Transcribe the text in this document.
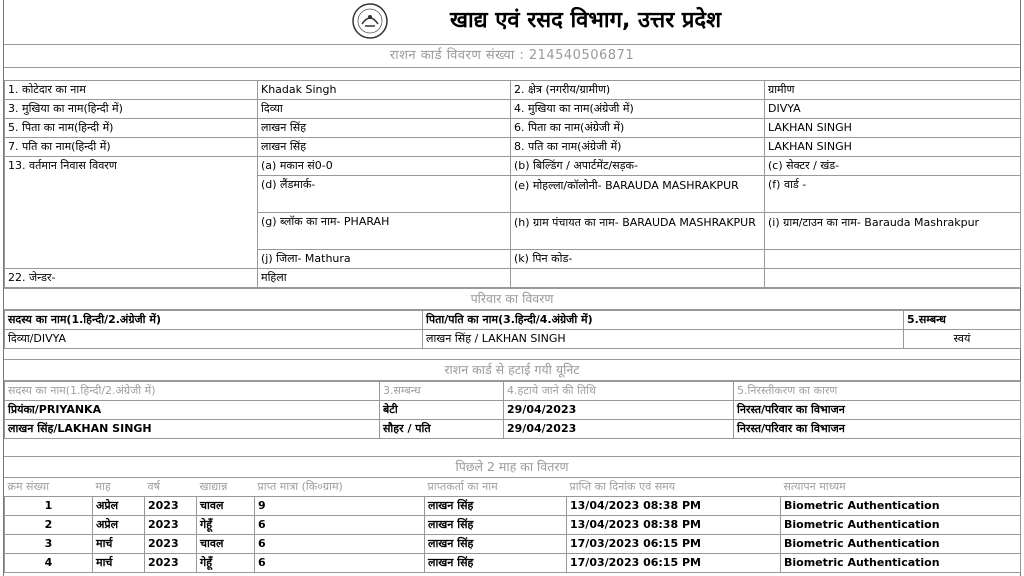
खाद्य एवं रसद विभाग, उत्तर प्रदेश
राशन कार्ड विवरण संख्या : 214540506871
1. कोटेदार का नाम	Khadak Singh	2. क्षेत्र (नगरीय/ग्रामीण)	ग्रामीण
3. मुखिया का नाम(हिन्दी में)	दिव्या	4. मुखिया का नाम(अंग्रेजी में)	DIVYA
5. पिता का नाम(हिन्दी में)	लाखन सिंह	6. पिता का नाम(अंग्रेजी में)	LAKHAN SINGH
7. पति का नाम(हिन्दी में)	लाखन सिंह	8. पति का नाम(अंग्रेजी में)	LAKHAN SINGH
13. वर्तमान निवास विवरण	(a) मकान सं0-0	(b) बिल्डिंग / अपार्टमेंट/सड़क-	(c) सेक्टर / खंड-
	(d) लैंडमार्क-	(e) मोहल्ला/कॉलोनी- BARAUDA MASHRAKPUR	(f) वार्ड -
	(g) ब्लॉक का नाम- PHARAH	(h) ग्राम पंचायत का नाम- BARAUDA MASHRAKPUR	(i) ग्राम/टाउन का नाम- Barauda Mashrakpur
	(j) जिला- Mathura	(k) पिन कोड-	
22. जेन्डर-	महिला		
परिवार का विवरण
सदस्य का नाम(1.हिन्दी/2.अंग्रेजी में)	पिता/पति का नाम(3.हिन्दी/4.अंग्रेजी में)	5.सम्बन्ध
दिव्या/DIVYA	लाखन सिंह / LAKHAN SINGH	स्वयं
राशन कार्ड से हटाई गयी यूनिट
सदस्य का नाम(1.हिन्दी/2.अंग्रेजी में)	3.सम्बन्ध	4.हटाये जाने की तिथि	5.निरस्तीकरण का कारण
प्रियंका/PRIYANKA	बेटी	29/04/2023	निरस्त/परिवार का विभाजन
लाखन सिंह/LAKHAN SINGH	सौहर / पति	29/04/2023	निरस्त/परिवार का विभाजन
पिछले 2 माह का वितरण
क्रम संख्या	माह	वर्ष	खाद्यान्न	प्राप्त मात्रा (कि०ग्राम)	प्राप्तकर्ता का नाम	प्राप्ति का दिनांक एवं समय	सत्यापन माध्यम
1	अप्रेल	2023	चावल	9	लाखन सिंह	13/04/2023 08:38 PM	Biometric Authentication
2	अप्रेल	2023	गेहूँ	6	लाखन सिंह	13/04/2023 08:38 PM	Biometric Authentication
3	मार्च	2023	चावल	6	लाखन सिंह	17/03/2023 06:15 PM	Biometric Authentication
4	मार्च	2023	गेहूँ	6	लाखन सिंह	17/03/2023 06:15 PM	Biometric Authentication
